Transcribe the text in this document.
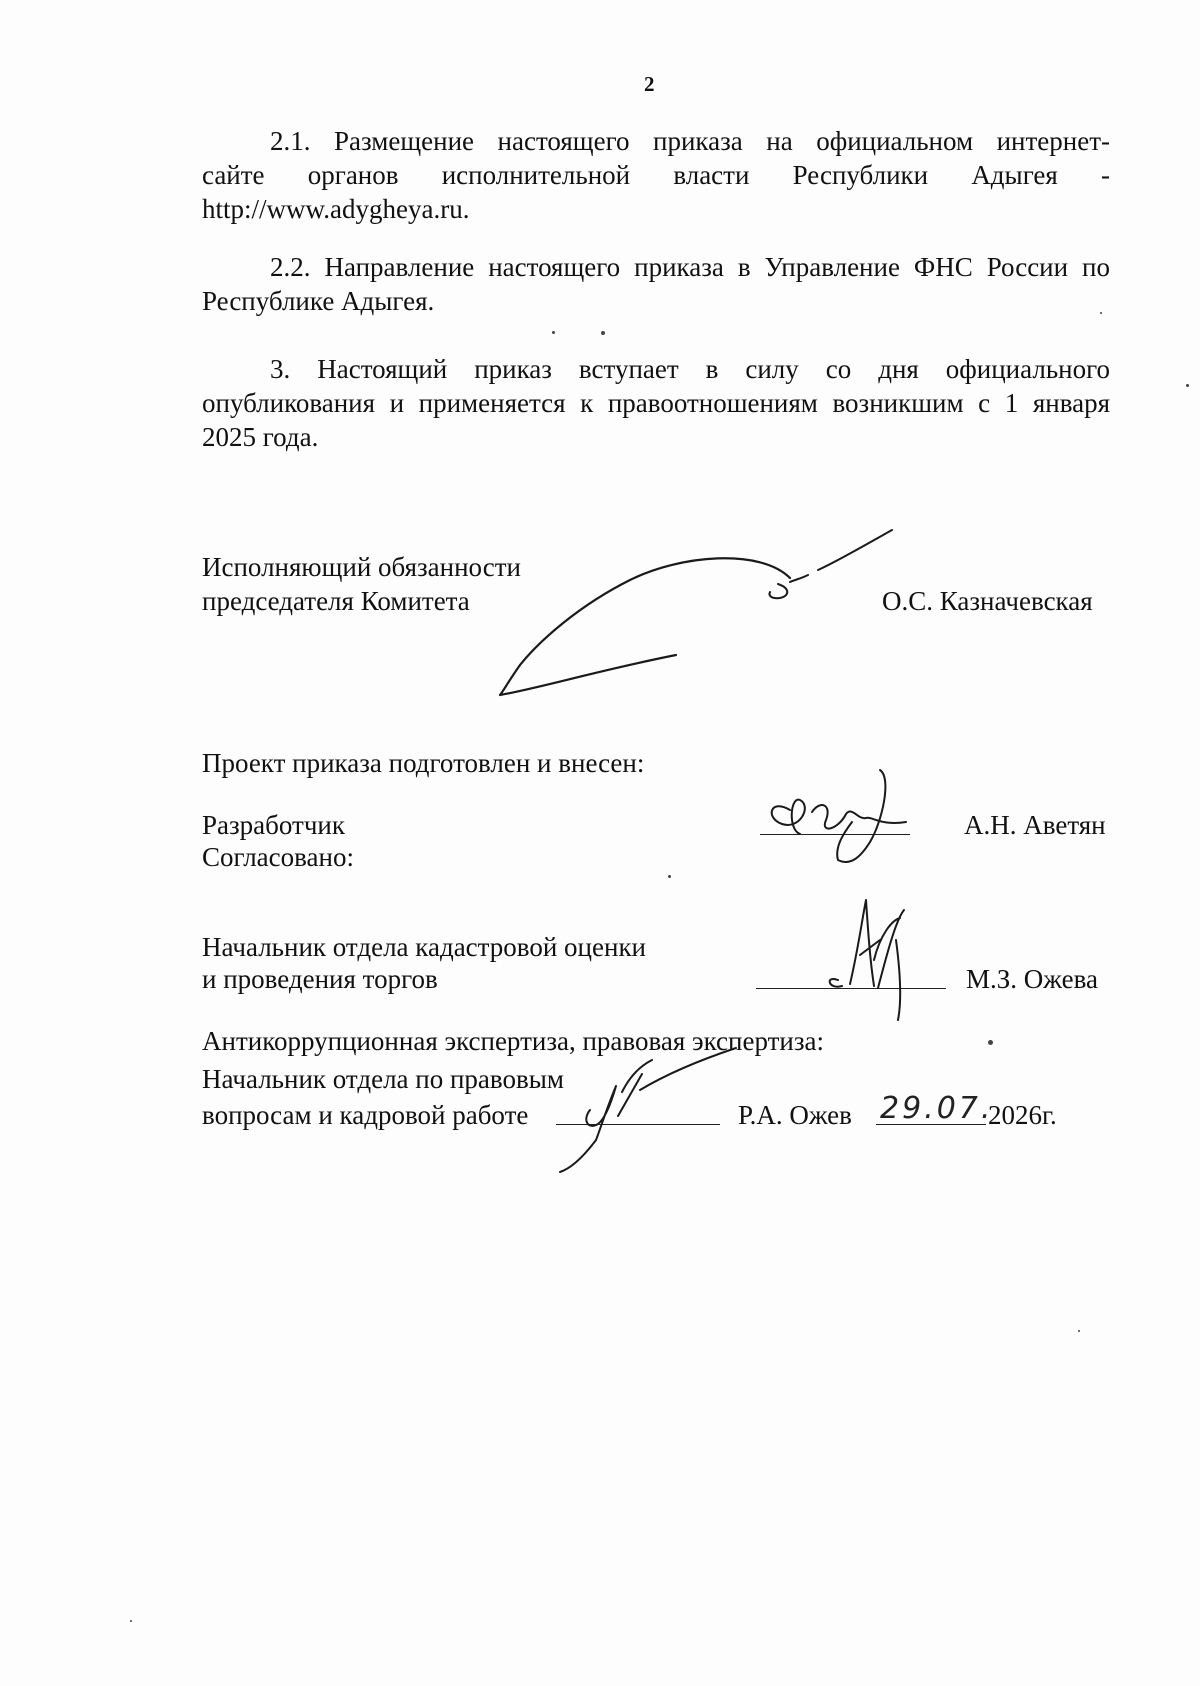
2
2.1. Размещение настоящего приказа на официальном интернет-
сайте органов исполнительной власти Республики Адыгея -
http://www.adygheya.ru.
2.2. Направление настоящего приказа в Управление ФНС России по
Республике Адыгея.
3. Настоящий приказ вступает в силу со дня официального
опубликования и применяется к правоотношениям возникшим с 1 января
2025 года.
Исполняющий обязанности
председателя Комитета	О.С. Казначевская
Проект приказа подготовлен и внесен:
Разработчик	А.Н. Аветян
Согласовано:
Начальник отдела кадастровой оценки
и проведения торгов	М.З. Ожева
Антикоррупционная экспертиза, правовая экспертиза:
Начальник отдела по правовым
вопросам и кадровой работе	Р.А. Ожев 29.07.
2026г.
